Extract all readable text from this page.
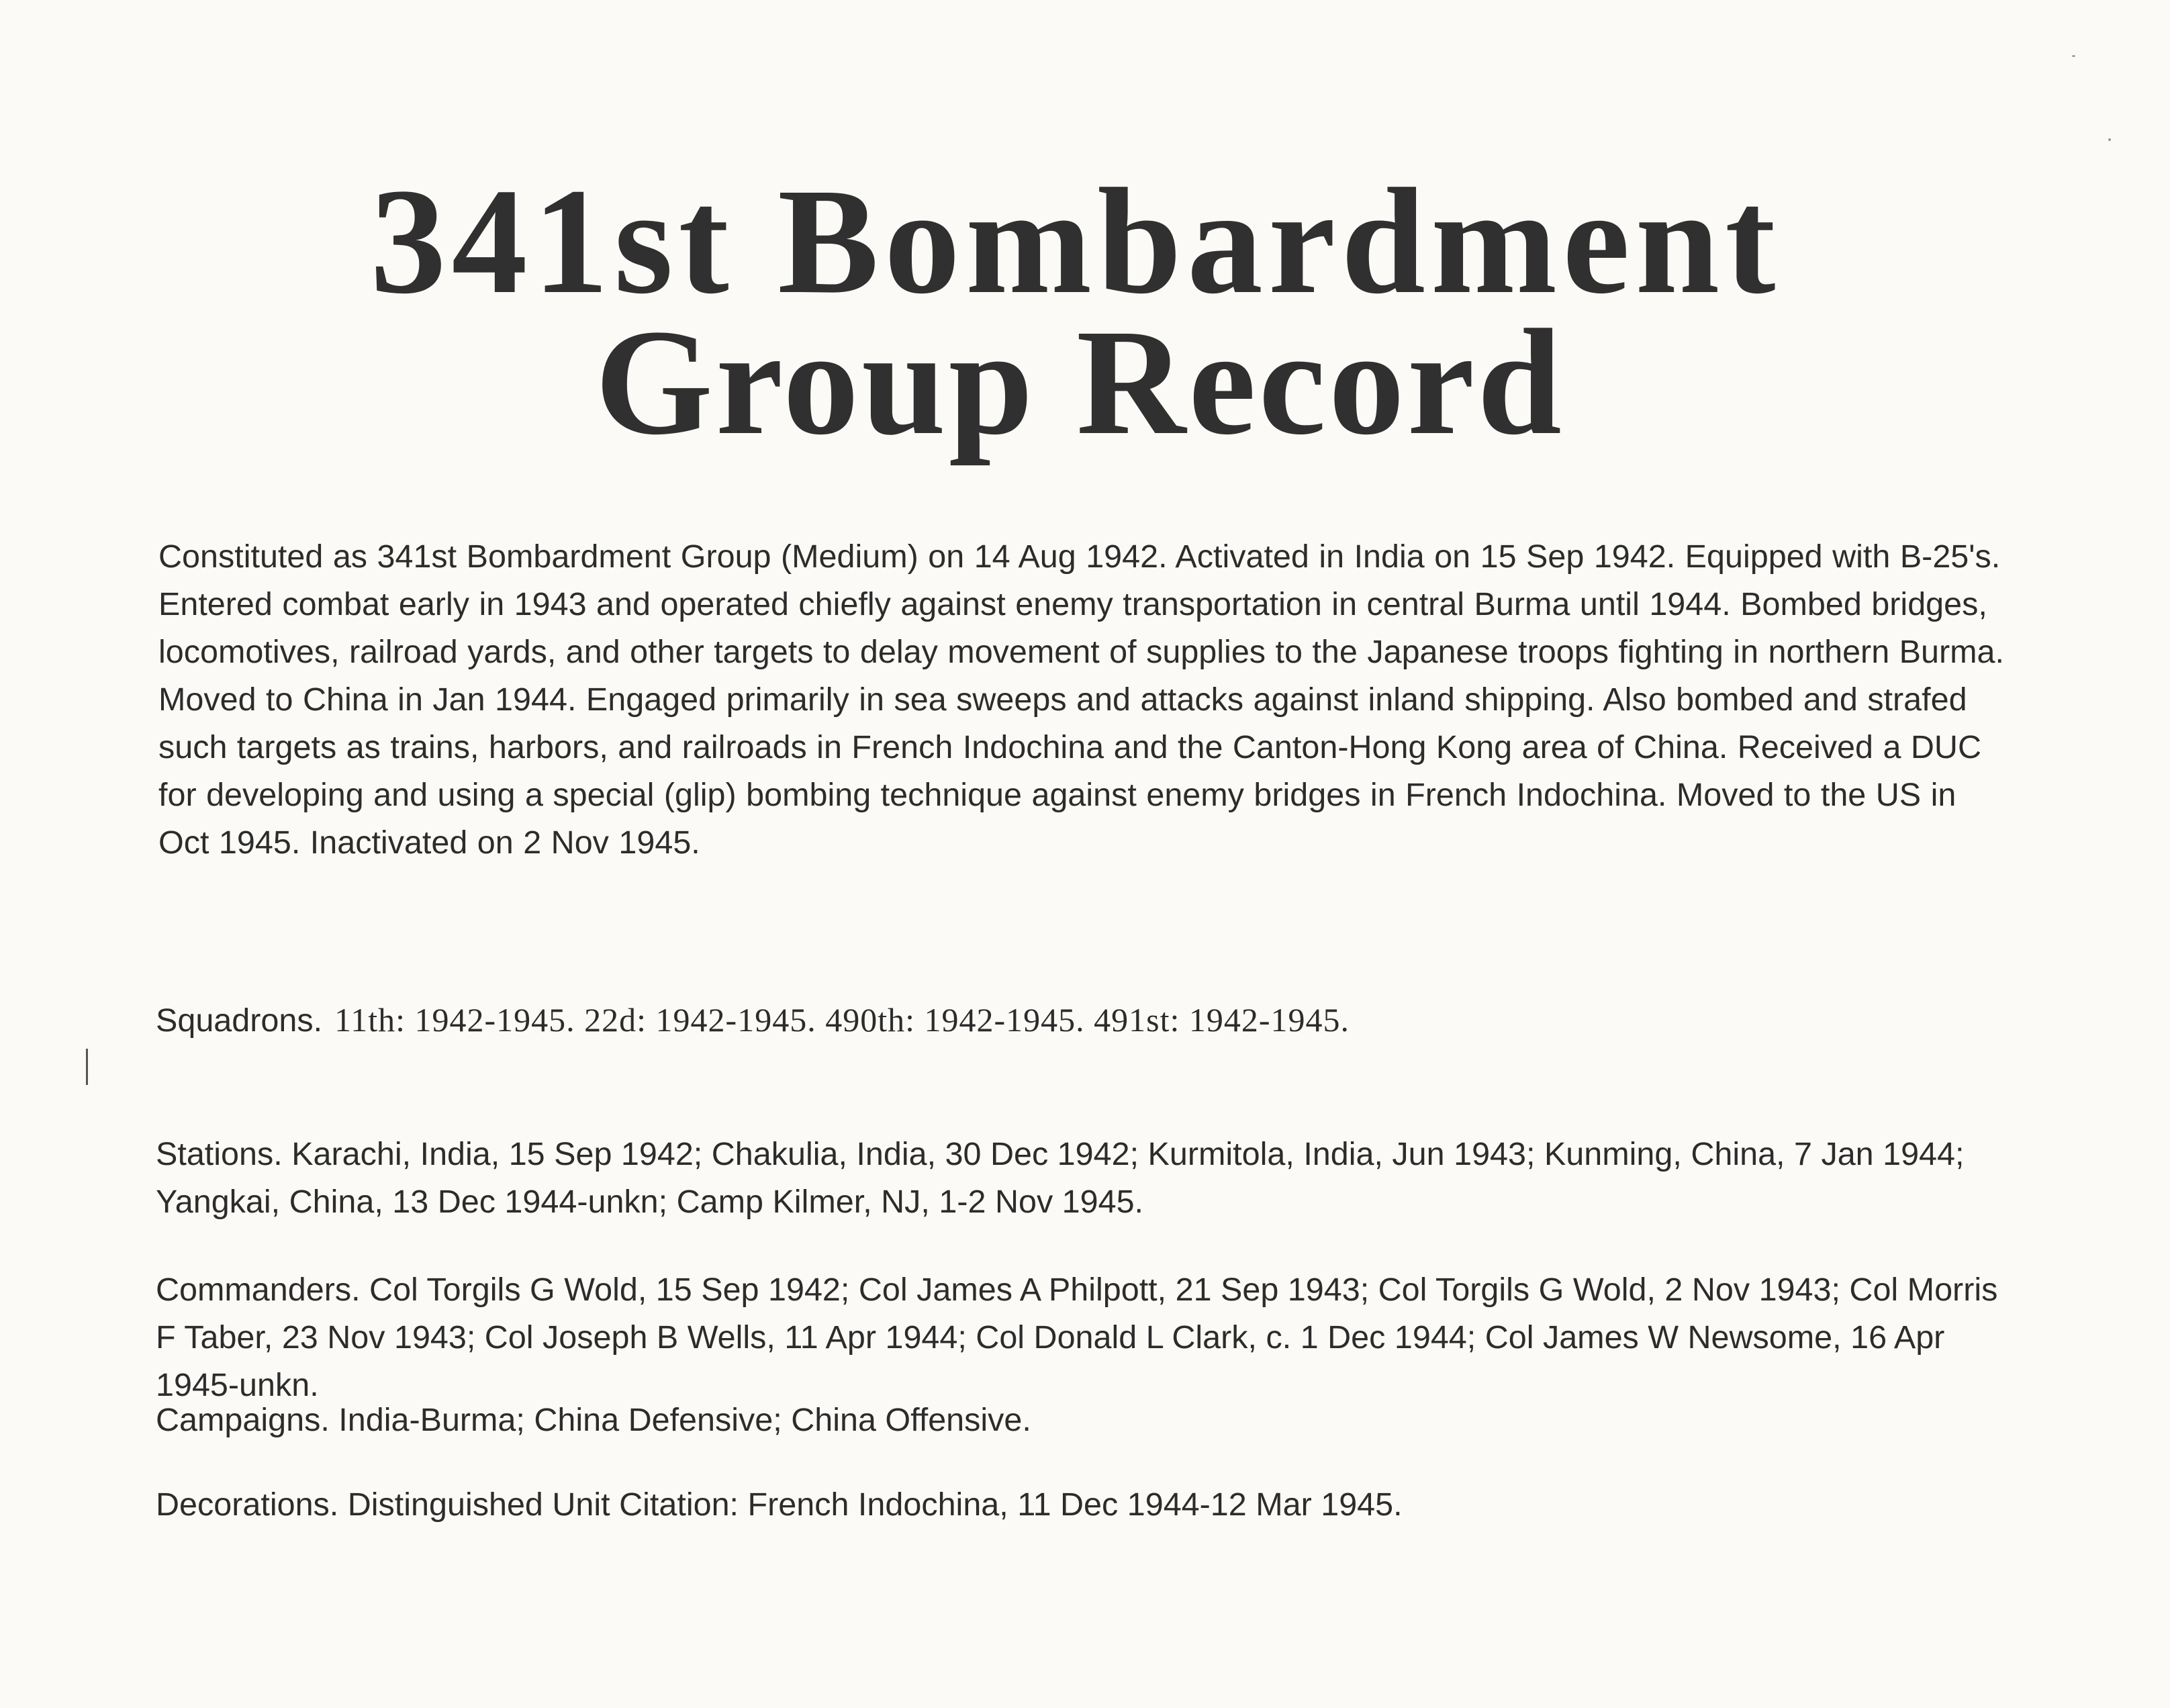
341st Bombardment
Group Record

Constituted as 341st Bombardment Group (Medium) on 14 Aug 1942. Activated in India on 15 Sep 1942. Equipped with B-25's. Entered combat early in 1943 and operated chiefly against enemy transportation in central Burma until 1944. Bombed bridges, locomotives, railroad yards, and other targets to delay movement of supplies to the Japanese troops fighting in northern Burma. Moved to China in Jan 1944. Engaged primarily in sea sweeps and attacks against inland shipping. Also bombed and strafed such targets as trains, harbors, and railroads in French Indochina and the Canton-Hong Kong area of China. Received a DUC for developing and using a special (glip) bombing technique against enemy bridges in French Indochina. Moved to the US in Oct 1945. Inactivated on 2 Nov 1945.

Squadrons. 11th: 1942-1945. 22d: 1942-1945. 490th: 1942-1945. 491st: 1942-1945.

Stations. Karachi, India, 15 Sep 1942; Chakulia, India, 30 Dec 1942; Kurmitola, India, Jun 1943; Kunming, China, 7 Jan 1944; Yangkai, China, 13 Dec 1944-unkn; Camp Kilmer, NJ, 1-2 Nov 1945.

Commanders. Col Torgils G Wold, 15 Sep 1942; Col James A Philpott, 21 Sep 1943; Col Torgils G Wold, 2 Nov 1943; Col Morris F Taber, 23 Nov 1943; Col Joseph B Wells, 11 Apr 1944; Col Donald L Clark, c. 1 Dec 1944; Col James W Newsome, 16 Apr 1945-unkn.

Campaigns. India-Burma; China Defensive; China Offensive.

Decorations. Distinguished Unit Citation: French Indochina, 11 Dec 1944-12 Mar 1945.
